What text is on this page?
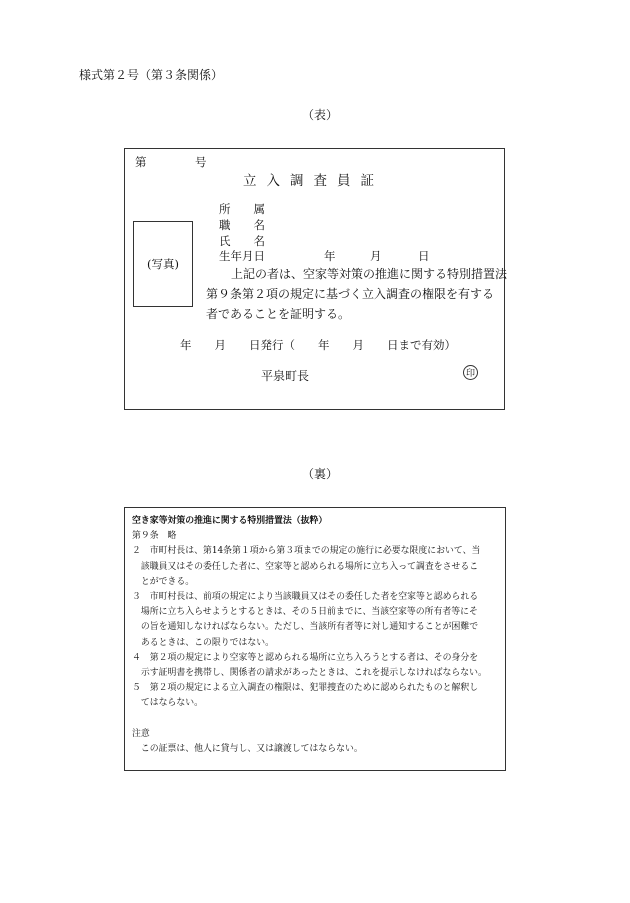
様式第２号（第３条関係）
（表）
第	号
立入調査員証
(写真)
所　　属
職　　名
氏　　名
生年月日	年	月	日
上記の者は、空家等対策の推進に関する特別措置法
第９条第２項の規定に基づく立入調査の権限を有する
者であることを証明する。
年　　月　　日発行（　　年　　月　　日まで有効）
平泉町長	印
（裏）

空き家等対策の推進に関する特別措置法（抜粋）

第９条　略

２　市町村長は、第14条第１項から第３項までの規定の施行に必要な限度において、当

　該職員又はその委任した者に、空家等と認められる場所に立ち入って調査をさせるこ

　とができる。

３　市町村長は、前項の規定により当該職員又はその委任した者を空家等と認められる

　場所に立ち入らせようとするときは、その５日前までに、当該空家等の所有者等にそ

　の旨を通知しなければならない。ただし、当該所有者等に対し通知することが困難で

　あるときは、この限りではない。

４　第２項の規定により空家等と認められる場所に立ち入ろうとする者は、その身分を

　示す証明書を携帯し、関係者の請求があったときは、これを提示しなければならない。

５　第２項の規定による立入調査の権限は、犯罪捜査のために認められたものと解釈し

　てはならない。

注意

　この証票は、他人に貸与し、又は譲渡してはならない。
